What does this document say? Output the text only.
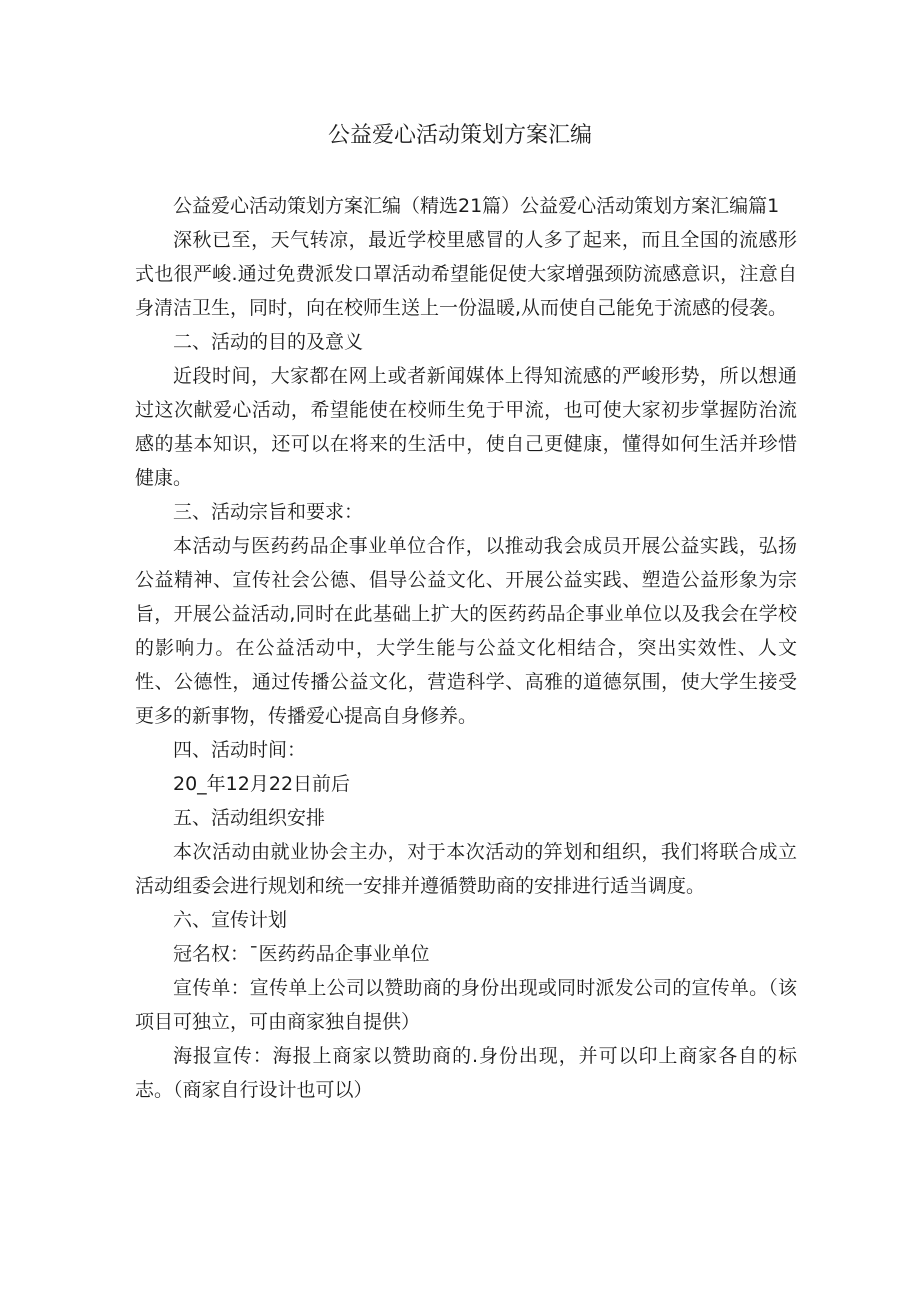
公益爱心活动策划方案汇编

公益爱心活动策划方案汇编（精选21篇）公益爱心活动策划方案汇编篇1

深秋已至，天气转凉，最近学校里感冒的人多了起来，而且全国的流感形式也很严峻.通过免费派发口罩活动希望能促使大家增强颈防流感意识，注意自身清洁卫生，同时，向在校师生送上一份温暖,从而使自己能免于流感的侵袭。

二、活动的目的及意义

近段时间，大家都在网上或者新闻媒体上得知流感的严峻形势，所以想通过这次献爱心活动，希望能使在校师生免于甲流，也可使大家初步掌握防治流感的基本知识，还可以在将来的生活中，使自己更健康，懂得如何生活并珍惜健康。

三、活动宗旨和要求：

本活动与医药药品企事业单位合作，以推动我会成员开展公益实践，弘扬公益精神、宣传社会公德、倡导公益文化、开展公益实践、塑造公益形象为宗旨，开展公益活动,同时在此基础上扩大的医药药品企事业单位以及我会在学校的影响力。在公益活动中，大学生能与公益文化相结合，突出实效性、人文性、公德性，通过传播公益文化，营造科学、高雅的道德氛围，使大学生接受更多的新事物，传播爱心提高自身修养。

四、活动时间：

20_年12月22日前后

五、活动组织安排

本次活动由就业协会主办，对于本次活动的笄划和组织，我们将联合成立活动组委会进行规划和统一安排并遵循赞助商的安排进行适当调度。

六、宣传计划

冠名权：¯医药药品企事业单位

宣传单：宣传单上公司以赞助商的身份出现或同时派发公司的宣传单。（该项目可独立，可由商家独自提供）

海报宣传：海报上商家以赞助商的.身份出现，并可以印上商家各自的标志。（商家自行设计也可以）
